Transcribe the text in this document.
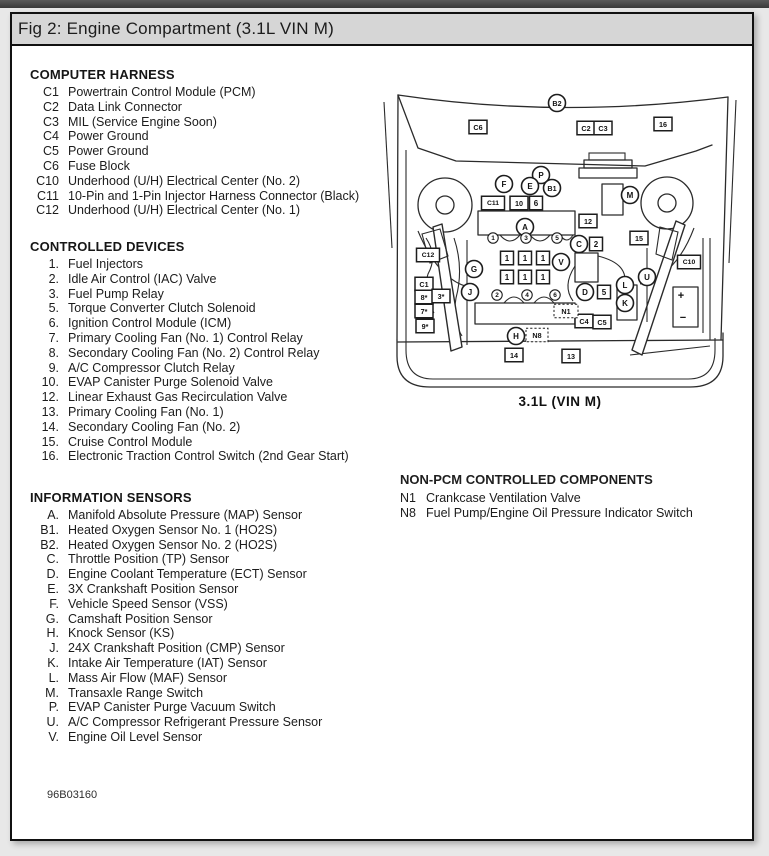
Fig 2: Engine Compartment (3.1L VIN M)
COMPUTER HARNESS
C1 Powertrain Control Module (PCM)
C2 Data Link Connector
C3 MIL (Service Engine Soon)
C4 Power Ground
C5 Power Ground
C6 Fuse Block
C10 Underhood (U/H) Electrical Center (No. 2)
C11 10-Pin and 1-Pin Injector Harness Connector (Black)
C12 Underhood (U/H) Electrical Center (No. 1)
CONTROLLED DEVICES
1. Fuel Injectors
2. Idle Air Control (IAC) Valve
3. Fuel Pump Relay
5. Torque Converter Clutch Solenoid
6. Ignition Control Module (ICM)
7. Primary Cooling Fan (No. 1) Control Relay
8. Secondary Cooling Fan (No. 2) Control Relay
9. A/C Compressor Clutch Relay
10. EVAP Canister Purge Solenoid Valve
12. Linear Exhaust Gas Recirculation Valve
13. Primary Cooling Fan (No. 1)
14. Secondary Cooling Fan (No. 2)
15. Cruise Control Module
16. Electronic Traction Control Switch (2nd Gear Start)
INFORMATION SENSORS
A. Manifold Absolute Pressure (MAP) Sensor
B1. Heated Oxygen Sensor No. 1 (HO2S)
B2. Heated Oxygen Sensor No. 2 (HO2S)
C. Throttle Position (TP) Sensor
D. Engine Coolant Temperature (ECT) Sensor
E. 3X Crankshaft Position Sensor
F. Vehicle Speed Sensor (VSS)
G. Camshaft Position Sensor
H. Knock Sensor (KS)
J. 24X Crankshaft Position (CMP) Sensor
K. Intake Air Temperature (IAT) Sensor
L. Mass Air Flow (MAF) Sensor
M. Transaxle Range Switch
P. EVAP Canister Purge Vacuum Switch
U. A/C Compressor Refrigerant Pressure Sensor
V. Engine Oil Level Sensor
NON-PCM CONTROLLED COMPONENTS
N1 Crankcase Ventilation Valve
N8 Fuel Pump/Engine Oil Pressure Indicator Switch
96B03160
+
−
C6	C2 C3	16
C11 10 6
12
2
15
C10
C12
C1
8* 3*
7*
9*
1 1 1
1 1 1
5
C4 C5
14	13
B2
F
P
E B1
A
M
G
J
V
C
D
L
K
U
H
1	3	5
2	4	6
N1
N8
3.1L (VIN M)
